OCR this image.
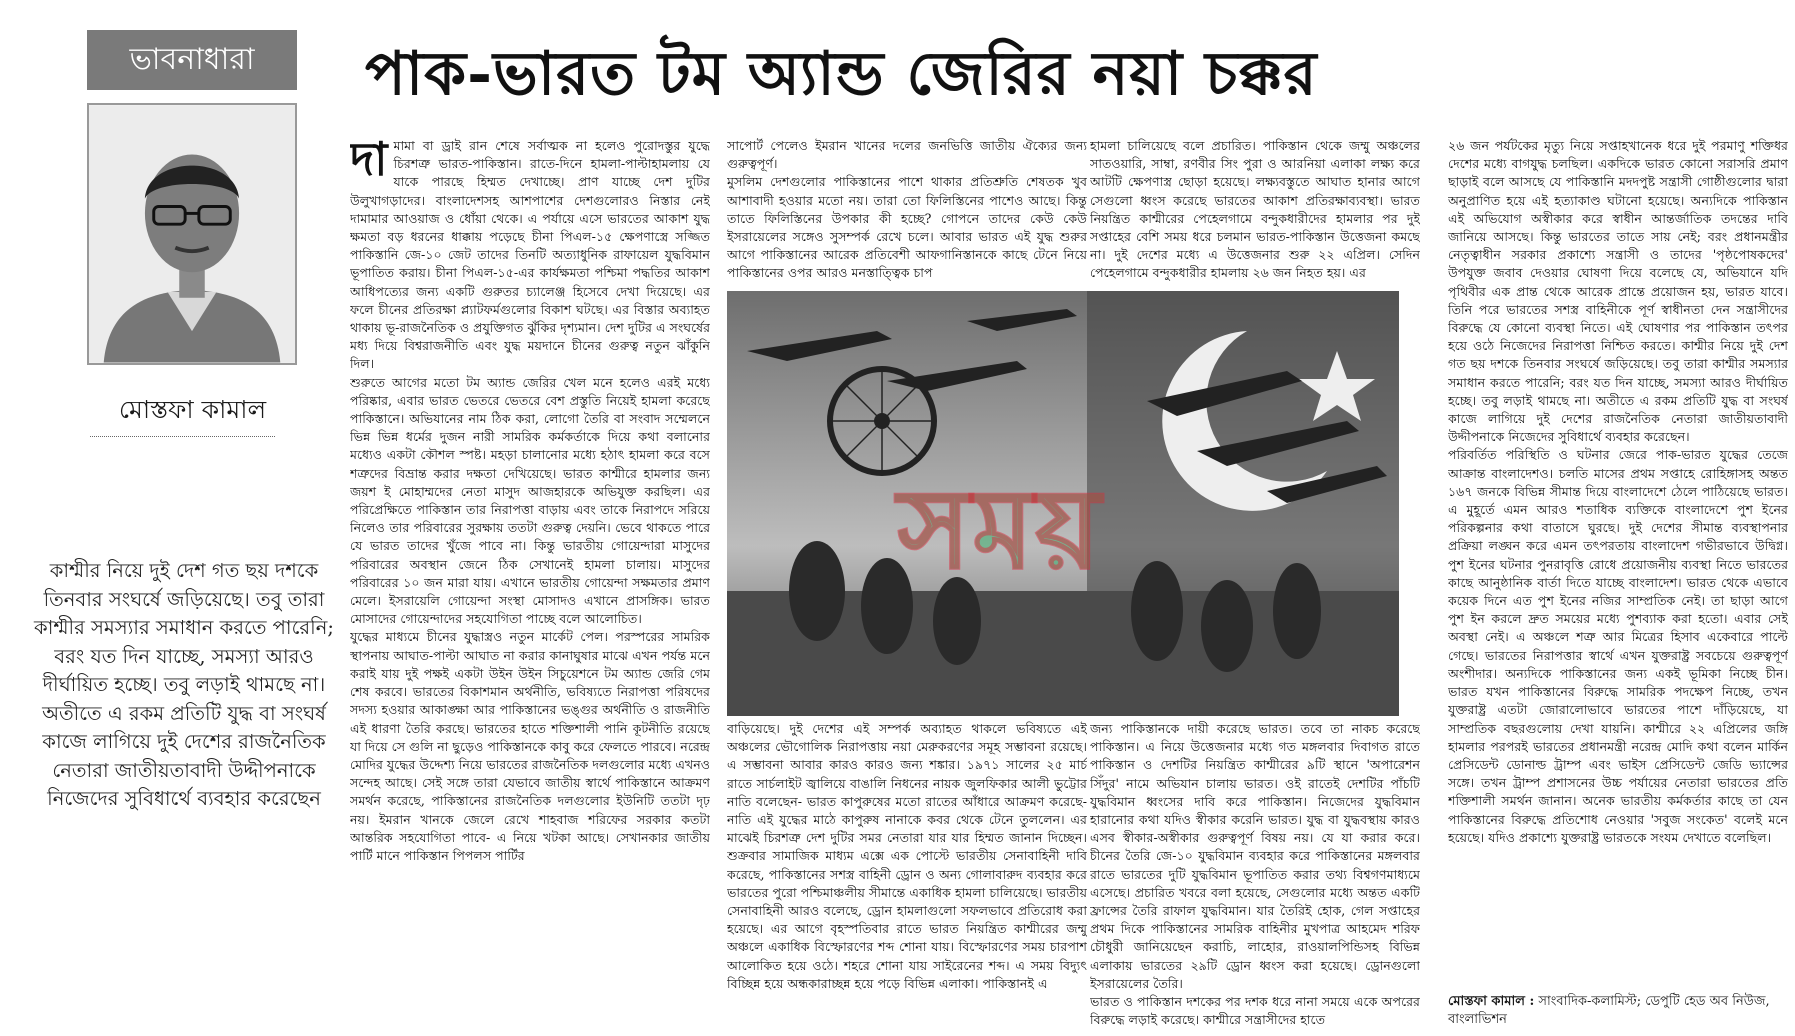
ভাবনাধারা	পাক-ভারত টম অ্যান্ড জেরির নয়া চক্কর
মোস্তফা কামাল
কাশ্মীর নিয়ে দুই দেশ গত ছয় দশকে তিনবার সংঘর্ষে জড়িয়েছে। তবু তারা কাশ্মীর সমস্যার সমাধান করতে পারেনি; বরং যত দিন যাচ্ছে, সমস্যা আরও দীর্ঘায়িত হচ্ছে। তবু লড়াই থামছে না। অতীতে এ রকম প্রতিটি যুদ্ধ বা সংঘর্ষ কাজে লাগিয়ে দুই দেশের রাজনৈতিক নেতারা জাতীয়তাবাদী উদ্দীপনাকে নিজেদের সুবিধার্থে ব্যবহার করেছেন
দামামা বা ড্রাই রান শেষে সর্বাত্মক না হলেও পুরোদস্তুর যুদ্ধে চিরশত্রু ভারত-পাকিস্তান। রাতে-দিনে হামলা-পাল্টাহামলায় যে যাকে পারছে হিম্মত দেখাচ্ছে। প্রাণ যাচ্ছে দেশ দুটির উলুখাগড়াদের। বাংলাদেশসহ আশপাশের দেশগুলোরও নিস্তার নেই দামামার আওয়াজ ও ধোঁয়া থেকে। এ পর্যায়ে এসে ভারতের আকাশ যুদ্ধ ক্ষমতা বড় ধরনের ধাক্কায় পড়েছে চীনা পিএল-১৫ ক্ষেপণাস্ত্রে সজ্জিত পাকিস্তানি জে-১০ জেট তাদের তিনটি অত্যাধুনিক রাফায়েল যুদ্ধবিমান ভূপাতিত করায়। চীনা পিএল-১৫-এর কার্যক্ষমতা পশ্চিমা পদ্ধতির আকাশ আধিপত্যের জন্য একটি গুরুতর চ্যালেঞ্জ হিসেবে দেখা দিয়েছে। এর ফলে চীনের প্রতিরক্ষা প্ল্যাটফর্মগুলোর বিকাশ ঘটছে। এর বিস্তার অব্যাহত থাকায় ভূ-রাজনৈতিক ও প্রযুক্তিগত ঝুঁকির দৃশ্যমান। দেশ দুটির এ সংঘর্ষের মধ্য দিয়ে বিশ্বরাজনীতি এবং যুদ্ধ ময়দানে চীনের গুরুত্ব নতুন ঝাঁকুনি দিল।
শুরুতে আগের মতো টম অ্যান্ড জেরির খেল মনে হলেও এরই মধ্যে পরিষ্কার, এবার ভারত ভেতরে ভেতরে বেশ প্রস্তুতি নিয়েই হামলা করেছে পাকিস্তানে। অভিযানের নাম ঠিক করা, লোগো তৈরি বা সংবাদ সম্মেলনে ভিন্ন ভিন্ন ধর্মের দুজন নারী সামরিক কর্মকর্তাকে দিয়ে কথা বলানোর মধ্যেও একটা কৌশল স্পষ্ট। মহড়া চালানোর মধ্যে হঠাৎ হামলা করে বসে শত্রুদের বিভ্রান্ত করার দক্ষতা দেখিয়েছে। ভারত কাশ্মীরে হামলার জন্য জয়শ ই মোহাম্মদের নেতা মাসুদ আজহারকে অভিযুক্ত করছিল। এর পরিপ্রেক্ষিতে পাকিস্তান তার নিরাপত্তা বাড়ায় এবং তাকে নিরাপদে সরিয়ে নিলেও তার পরিবারের সুরক্ষায় ততটা গুরুত্ব দেয়নি। ভেবে থাকতে পারে যে ভারত তাদের খুঁজে পাবে না। কিন্তু ভারতীয় গোয়েন্দারা মাসুদের পরিবারের অবস্থান জেনে ঠিক সেখানেই হামলা চালায়। মাসুদের পরিবারের ১০ জন মারা যায়। এখানে ভারতীয় গোয়েন্দা সক্ষমতার প্রমাণ মেলে। ইসরায়েলি গোয়েন্দা সংস্থা মোসাদও এখানে প্রাসঙ্গিক। ভারত মোসাদের গোয়েন্দাদের সহযোগিতা পাচ্ছে বলে আলোচিত।
যুদ্ধের মাধ্যমে চীনের যুদ্ধাস্ত্রও নতুন মার্কেট পেল। পরস্পরের সামরিক স্থাপনায় আঘাত-পাল্টা আঘাত না করার কানাঘুষার মাঝে এখন পর্যন্ত মনে করাই যায় দুই পক্ষই একটা উইন উইন সিচুয়েশনে টম অ্যান্ড জেরি গেম শেষ করবে। ভারতের বিকাশমান অর্থনীতি, ভবিষ্যতে নিরাপত্তা পরিষদের সদস্য হওয়ার আকাঙ্ক্ষা আর পাকিস্তানের ভঙ্গুর অর্থনীতি ও রাজনীতি এই ধারণা তৈরি করছে। ভারতের হাতে শক্তিশালী পানি কূটনীতি রয়েছে যা দিয়ে সে গুলি না ছুড়েও পাকিস্তানকে কাবু করে ফেলতে পারবে। নরেন্দ্র মোদির যুদ্ধের উদ্দেশ্য নিয়ে ভারতের রাজনৈতিক দলগুলোর মধ্যে এখনও সন্দেহ আছে। সেই সঙ্গে তারা যেভাবে জাতীয় স্বার্থে পাকিস্তানে আক্রমণ সমর্থন করেছে, পাকিস্তানের রাজনৈতিক দলগুলোর ইউনিটি ততটা দৃঢ় নয়। ইমরান খানকে জেলে রেখে শাহবাজ শরিফের সরকার কতটা আন্তরিক সহযোগিতা পাবে- এ নিয়ে খটকা আছে। সেখানকার জাতীয় পার্টি মানে পাকিস্তান পিপলস পার্টির
সাপোর্ট পেলেও ইমরান খানের দলের জনভিত্তি জাতীয় ঐক্যের জন্য গুরুত্বপূর্ণ।
মুসলিম দেশগুলোর পাকিস্তানের পাশে থাকার প্রতিশ্রুতি শেষতক খুব আশাবাদী হওয়ার মতো নয়। তারা তো ফিলিস্তিনের পাশেও আছে। কিন্তু তাতে ফিলিস্তিনের উপকার কী হচ্ছে? গোপনে তাদের কেউ কেউ ইসরায়েলের সঙ্গেও সুসম্পর্ক রেখে চলে। আবার ভারত এই যুদ্ধ শুরুর আগে পাকিস্তানের আরেক প্রতিবেশী আফগানিস্তানকে কাছে টেনে নিয়ে পাকিস্তানের ওপর আরও মনস্তাত্ত্বিক চাপ
হামলা চালিয়েছে বলে প্রচারিত। পাকিস্তান থেকে জম্মু অঞ্চলের সাতওয়ারি, সাম্বা, রণবীর সিং পুরা ও আরনিয়া এলাকা লক্ষ্য করে আটটি ক্ষেপণাস্ত্র ছোড়া হয়েছে। লক্ষ্যবস্তুতে আঘাত হানার আগে সেগুলো ধ্বংস করেছে ভারতের আকাশ প্রতিরক্ষাব্যবস্থা। ভারত নিয়ন্ত্রিত কাশ্মীরের পেহেলগামে বন্দুকধারীদের হামলার পর দুই সপ্তাহের বেশি সময় ধরে চলমান ভারত-পাকিস্তান উত্তেজনা কমছে না। দুই দেশের মধ্যে এ উত্তেজনার শুরু ২২ এপ্রিল। সেদিন পেহেলগামে বন্দুকধারীর হামলায় ২৬ জন নিহত হয়। এর
সময়
বাড়িয়েছে। দুই দেশের এই সম্পর্ক অব্যাহত থাকলে ভবিষ্যতে এই অঞ্চলের ভৌগোলিক নিরাপত্তায় নয়া মেরুকরণের সমূহ সম্ভাবনা রয়েছে। এ সম্ভাবনা আবার কারও কারও জন্য শঙ্কার। ১৯৭১ সালের ২৫ মার্চ রাতে সার্চলাইট জ্বালিয়ে বাঙালি নিধনের নায়ক জুলফিকার আলী ভুট্টোর নাতি বলেছেন- ভারত কাপুরুষের মতো রাতের আঁধারে আক্রমণ করেছে- নাতি এই যুদ্ধের মাঠে কাপুরুষ নানাকে কবর থেকে টেনে তুললেন। এর মাঝেই চিরশত্রু দেশ দুটির সমর নেতারা যার যার হিম্মত জানান দিচ্ছেন। শুক্রবার সামাজিক মাধ্যম এক্সে এক পোস্টে ভারতীয় সেনাবাহিনী দাবি করেছে, পাকিস্তানের সশস্ত্র বাহিনী ড্রোন ও অন্য গোলাবারুদ ব্যবহার করে ভারতের পুরো পশ্চিমাঞ্চলীয় সীমান্তে একাধিক হামলা চালিয়েছে। ভারতীয় সেনাবাহিনী আরও বলেছে, ড্রোন হামলাগুলো সফলভাবে প্রতিরোধ করা হয়েছে। এর আগে বৃহস্পতিবার রাতে ভারত নিয়ন্ত্রিত কাশ্মীরের জম্মু অঞ্চলে একাধিক বিস্ফোরণের শব্দ শোনা যায়। বিস্ফোরণের সময় চারপাশ আলোকিত হয়ে ওঠে। শহরে শোনা যায় সাইরেনের শব্দ। এ সময় বিদ্যুৎ বিচ্ছিন্ন হয়ে অন্ধকারাচ্ছন্ন হয়ে পড়ে বিভিন্ন এলাকা। পাকিস্তানই এ
জন্য পাকিস্তানকে দায়ী করেছে ভারত। তবে তা নাকচ করেছে পাকিস্তান। এ নিয়ে উত্তেজনার মধ্যে গত মঙ্গলবার দিবাগত রাতে পাকিস্তান ও দেশটির নিয়ন্ত্রিত কাশ্মীরের ৯টি স্থানে 'অপারেশন সিঁদুর' নামে অভিযান চালায় ভারত। ওই রাতেই দেশটির পাঁচটি যুদ্ধবিমান ধ্বংসের দাবি করে পাকিস্তান। নিজেদের যুদ্ধবিমান হারানোর কথা যদিও স্বীকার করেনি ভারত। যুদ্ধ বা যুদ্ধবস্থায় কারও এসব স্বীকার-অস্বীকার গুরুত্বপূর্ণ বিষয় নয়। যে যা করার করে। চীনের তৈরি জে-১০ যুদ্ধবিমান ব্যবহার করে পাকিস্তানের মঙ্গলবার রাতে ভারতের দুটি যুদ্ধবিমান ভূপাতিত করার তথ্য বিশ্বগণমাধ্যমে এসেছে। প্রচারিত খবরে বলা হয়েছে, সেগুলোর মধ্যে অন্তত একটি ফ্রান্সের তৈরি রাফাল যুদ্ধবিমান। যার তৈরিই হোক, গেল সপ্তাহের প্রথম দিকে পাকিস্তানের সামরিক বাহিনীর মুখপাত্র আহমেদ শরিফ চৌধুরী জানিয়েছেন করাচি, লাহোর, রাওয়ালপিন্ডিসহ বিভিন্ন এলাকায় ভারতের ২৯টি ড্রোন ধ্বংস করা হয়েছে। ড্রোনগুলো ইসরায়েলের তৈরি।
ভারত ও পাকিস্তান দশকের পর দশক ধরে নানা সময়ে একে অপরের বিরুদ্ধে লড়াই করেছে। কাশ্মীরে সন্ত্রাসীদের হাতে
২৬ জন পর্যটকের মৃত্যু নিয়ে সপ্তাহখানেক ধরে দুই পরমাণু শক্তিধর দেশের মধ্যে বাগযুদ্ধ চলছিল। একদিকে ভারত কোনো সরাসরি প্রমাণ ছাড়াই বলে আসছে যে পাকিস্তানি মদদপুষ্ট সন্ত্রাসী গোষ্ঠীগুলোর দ্বারা অনুপ্রাণিত হয়ে এই হত্যাকাণ্ড ঘটানো হয়েছে। অন্যদিকে পাকিস্তান এই অভিযোগ অস্বীকার করে স্বাধীন আন্তর্জাতিক তদন্তের দাবি জানিয়ে আসছে। কিন্তু ভারতের তাতে সায় নেই; বরং প্রধানমন্ত্রীর নেতৃত্বাধীন সরকার প্রকাশ্যে সন্ত্রাসী ও তাদের 'পৃষ্ঠপোষকদের' উপযুক্ত জবাব দেওয়ার ঘোষণা দিয়ে বলেছে যে, অভিযানে যদি পৃথিবীর এক প্রান্ত থেকে আরেক প্রান্তে প্রয়োজন হয়, ভারত যাবে। তিনি পরে ভারতের সশস্ত্র বাহিনীকে পূর্ণ স্বাধীনতা দেন সন্ত্রাসীদের বিরুদ্ধে যে কোনো ব্যবস্থা নিতে। এই ঘোষণার পর পাকিস্তান তৎপর হয়ে ওঠে নিজেদের নিরাপত্তা নিশ্চিত করতে। কাশ্মীর নিয়ে দুই দেশ গত ছয় দশকে তিনবার সংঘর্ষে জড়িয়েছে। তবু তারা কাশ্মীর সমস্যার সমাধান করতে পারেনি; বরং যত দিন যাচ্ছে, সমস্যা আরও দীর্ঘায়িত হচ্ছে। তবু লড়াই থামছে না। অতীতে এ রকম প্রতিটি যুদ্ধ বা সংঘর্ষ কাজে লাগিয়ে দুই দেশের রাজনৈতিক নেতারা জাতীয়তাবাদী উদ্দীপনাকে নিজেদের সুবিধার্থে ব্যবহার করেছেন।
পরিবর্তিত পরিস্থিতি ও ঘটনার জেরে পাক-ভারত যুদ্ধের তেজে আক্রান্ত বাংলাদেশও। চলতি মাসের প্রথম সপ্তাহে রোহিঙ্গাসহ অন্তত ১৬৭ জনকে বিভিন্ন সীমান্ত দিয়ে বাংলাদেশে ঠেলে পাঠিয়েছে ভারত। এ মুহূর্তে এমন আরও শতাধিক ব্যক্তিকে বাংলাদেশে পুশ ইনের পরিকল্পনার কথা বাতাসে ঘুরছে। দুই দেশের সীমান্ত ব্যবস্থাপনার প্রক্রিয়া লঙ্ঘন করে এমন তৎপরতায় বাংলাদেশ গভীরভাবে উদ্বিগ্ন। পুশ ইনের ঘটনার পুনরাবৃত্তি রোধে প্রয়োজনীয় ব্যবস্থা নিতে ভারতের কাছে আনুষ্ঠানিক বার্তা দিতে যাচ্ছে বাংলাদেশ। ভারত থেকে এভাবে কয়েক দিনে এত পুশ ইনের নজির সাম্প্রতিক নেই। তা ছাড়া আগে পুশ ইন করলে দ্রুত সময়ের মধ্যে পুশব্যাক করা হতো। এবার সেই অবস্থা নেই। এ অঞ্চলে শত্রু আর মিত্রের হিসাব একেবারে পাল্টে গেছে। ভারতের নিরাপত্তার স্বার্থে এখন যুক্তরাষ্ট্র সবচেয়ে গুরুত্বপূর্ণ অংশীদার। অন্যদিকে পাকিস্তানের জন্য একই ভূমিকা নিচ্ছে চীন। ভারত যখন পাকিস্তানের বিরুদ্ধে সামরিক পদক্ষেপ নিচ্ছে, তখন যুক্তরাষ্ট্র এতটা জোরালোভাবে ভারতের পাশে দাঁড়িয়েছে, যা সাম্প্রতিক বছরগুলোয় দেখা যায়নি। কাশ্মীরে ২২ এপ্রিলের জঙ্গি হামলার পরপরই ভারতের প্রধানমন্ত্রী নরেন্দ্র মোদি কথা বলেন মার্কিন প্রেসিডেন্ট ডোনাল্ড ট্রাম্প এবং ভাইস প্রেসিডেন্ট জেডি ভ্যান্সের সঙ্গে। তখন ট্রাম্প প্রশাসনের উচ্চ পর্যায়ের নেতারা ভারতের প্রতি শক্তিশালী সমর্থন জানান। অনেক ভারতীয় কর্মকর্তার কাছে তা যেন পাকিস্তানের বিরুদ্ধে প্রতিশোধ নেওয়ার 'সবুজ সংকেত' বলেই মনে হয়েছে। যদিও প্রকাশ্যে যুক্তরাষ্ট্র ভারতকে সংযম দেখাতে বলেছিল।
মোস্তফা কামাল : সাংবাদিক-কলামিস্ট; ডেপুটি হেড অব নিউজ, বাংলাভিশন
